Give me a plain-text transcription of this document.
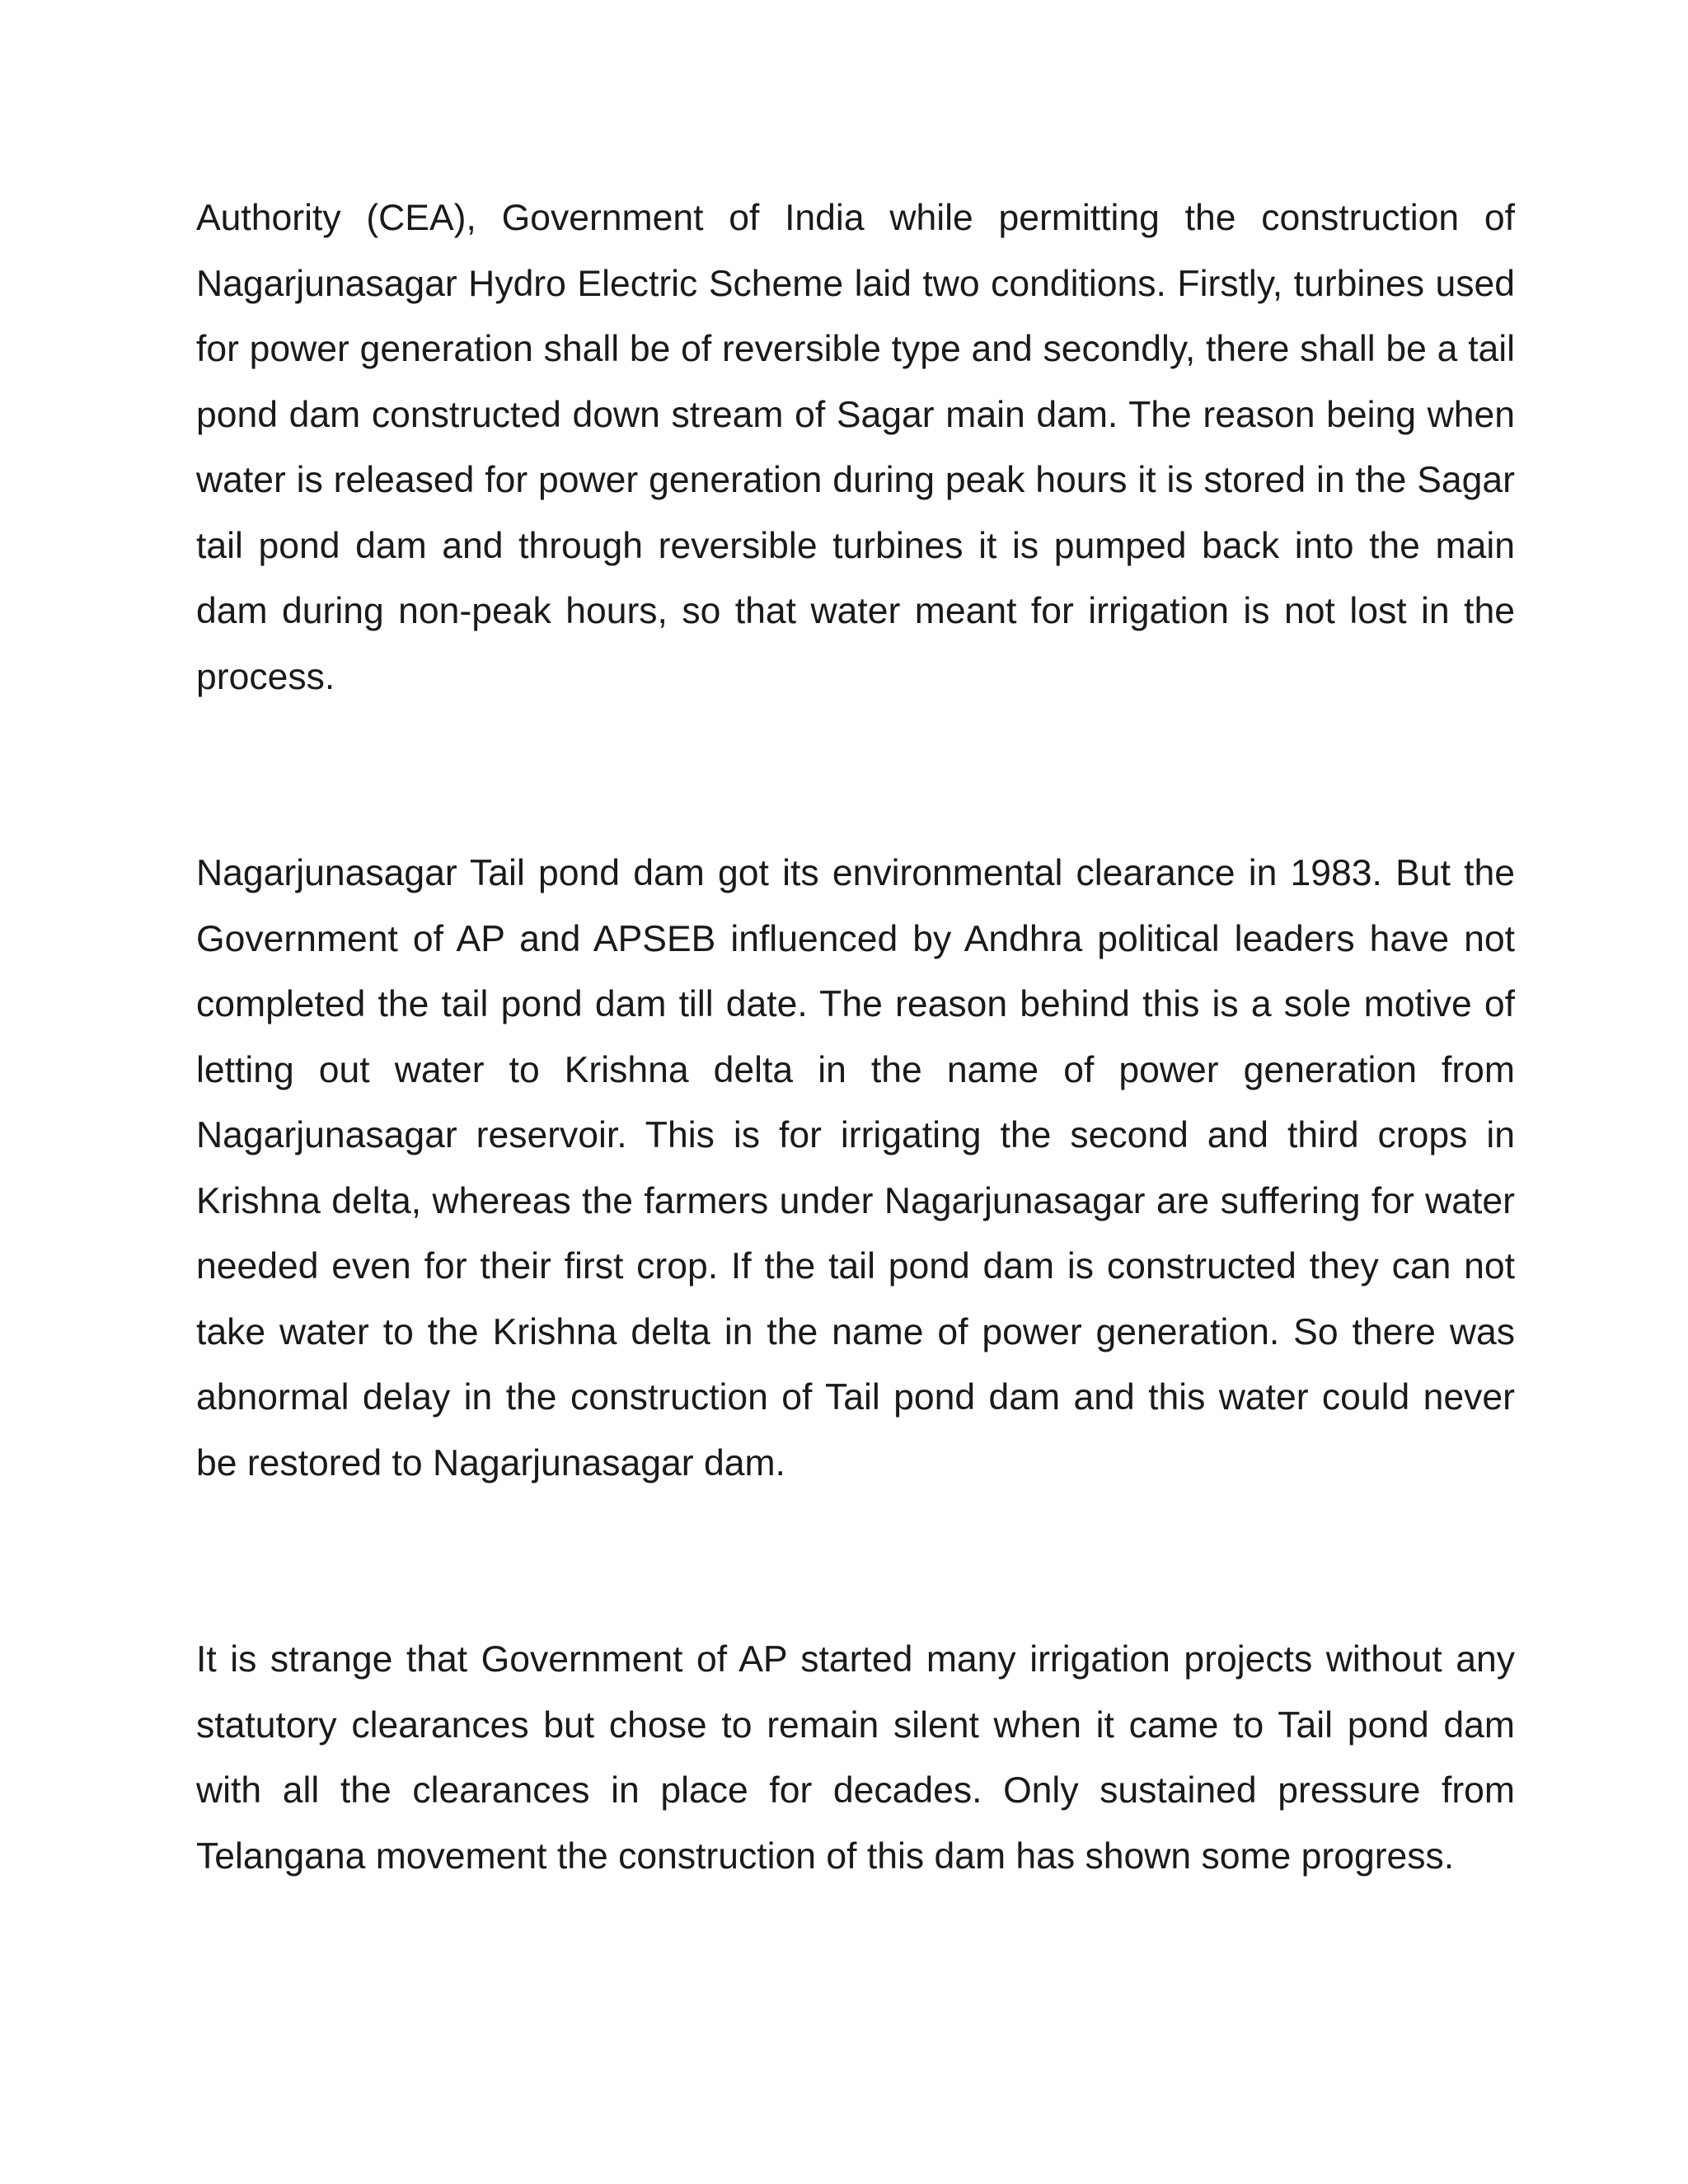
Authority (CEA), Government of India while permitting the construction of Nagarjunasagar Hydro Electric Scheme laid two conditions. Firstly, turbines used for power generation shall be of reversible type and secondly, there shall be a tail pond dam constructed down stream of Sagar main dam. The reason being when water is released for power generation during peak hours it is stored in the Sagar tail pond dam and through reversible turbines it is pumped back into the main dam during non-peak hours, so that water meant for irrigation is not lost in the process.

Nagarjunasagar Tail pond dam got its environmental clearance in 1983. But the Government of AP and APSEB influenced by Andhra political leaders have not completed the tail pond dam till date. The reason behind this is a sole motive of letting out water to Krishna delta in the name of power generation from Nagarjunasagar reservoir. This is for irrigating the second and third crops in Krishna delta, whereas the farmers under Nagarjunasagar are suffering for water needed even for their first crop. If the tail pond dam is constructed they can not take water to the Krishna delta in the name of power generation. So there was abnormal delay in the construction of Tail pond dam and this water could never be restored to Nagarjunasagar dam.

It is strange that Government of AP started many irrigation projects without any statutory clearances but chose to remain silent when it came to Tail pond dam with all the clearances in place for decades. Only sustained pressure from Telangana movement the construction of this dam has shown some progress.
